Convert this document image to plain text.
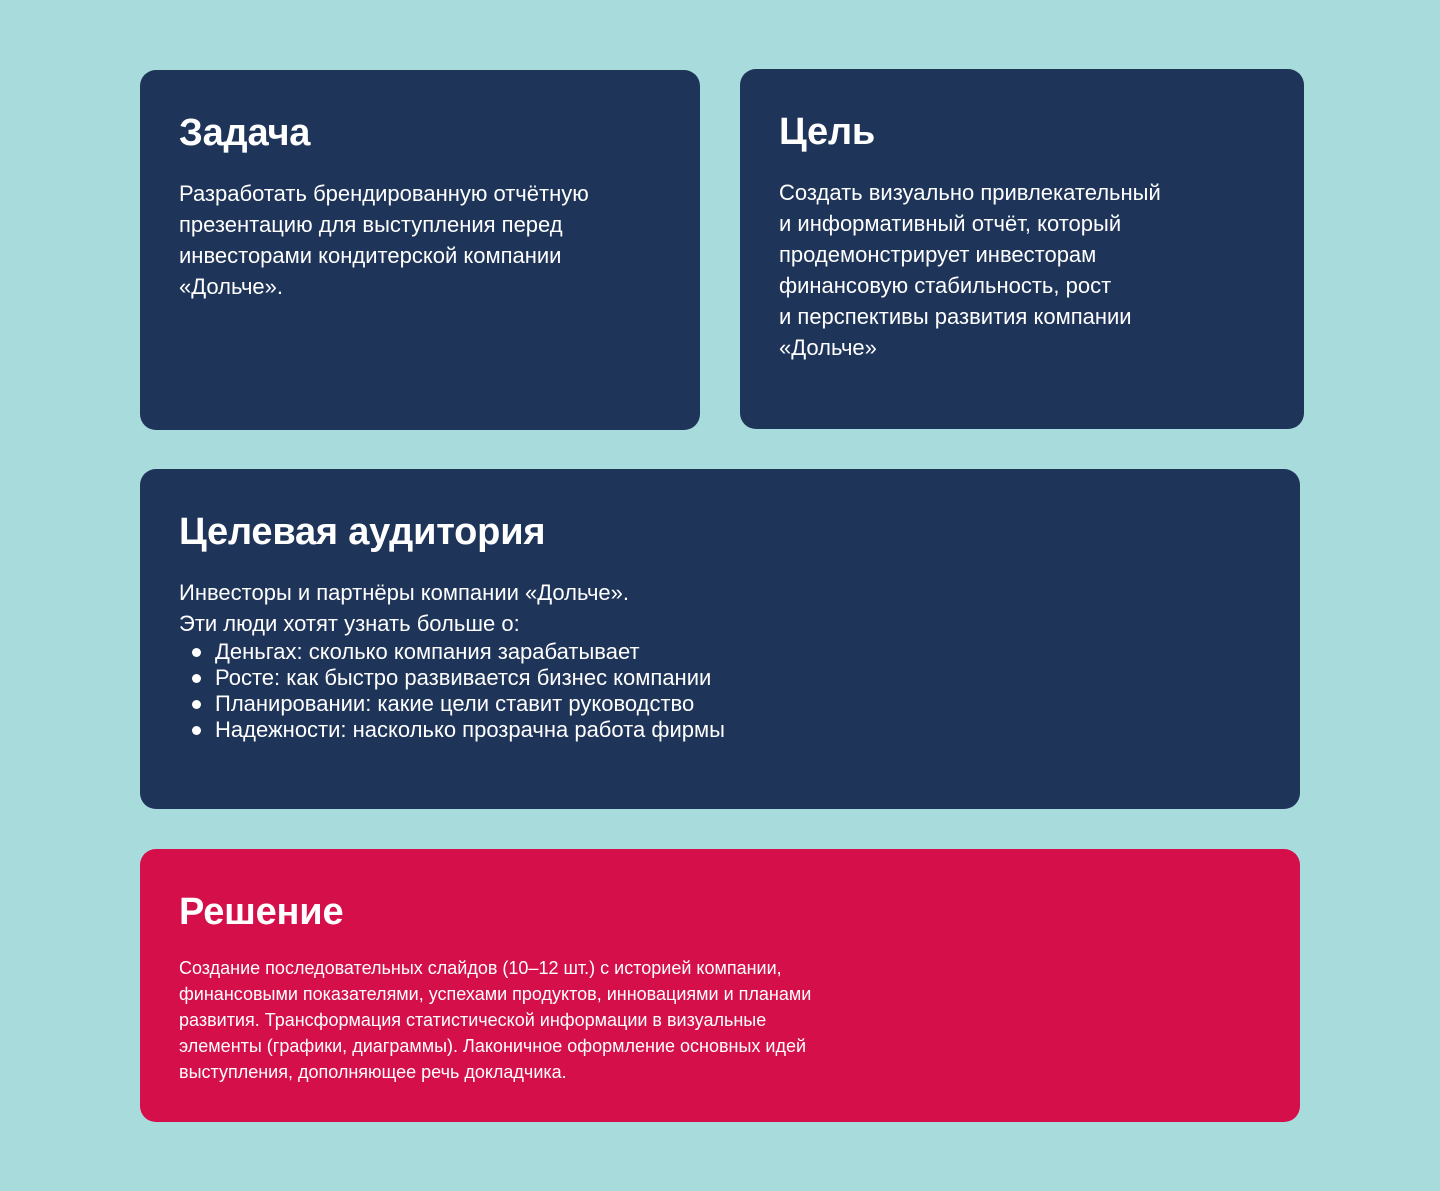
Задача

Разработать брендированную отчётную
презентацию для выступления перед
инвесторами кондитерской компании
«Дольче».

Цель

Создать визуально привлекательный
и информативный отчёт, который
продемонстрирует инвесторам
финансовую стабильность, рост
и перспективы развития компании
«Дольче»

Целевая аудитория
Инвесторы и партнёры компании «Дольче».
Эти люди хотят узнать больше о:
Деньгах: сколько компания зарабатывает
Росте: как быстро развивается бизнес компании
Планировании: какие цели ставит руководство
Надежности: насколько прозрачна работа фирмы
Решение

Создание последовательных слайдов (10–12 шт.) с историей компании,
финансовыми показателями, успехами продуктов, инновациями и планами
развития. Трансформация статистической информации в визуальные
элементы (графики, диаграммы). Лаконичное оформление основных идей
выступления, дополняющее речь докладчика.
